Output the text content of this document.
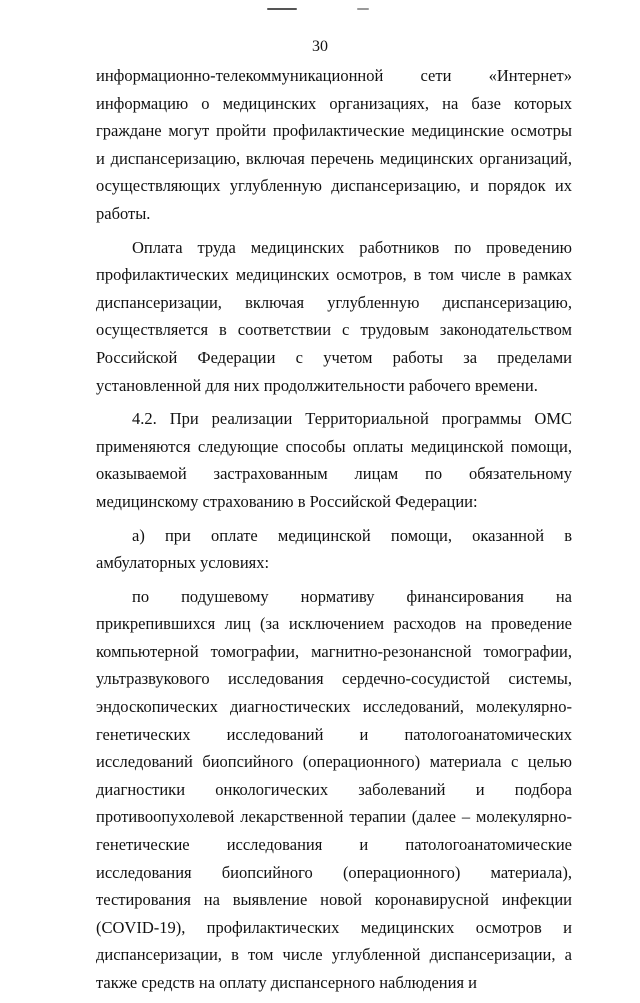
30

информационно-телекоммуникационной сети «Интернет» информацию о медицинских организациях, на базе которых граждане могут пройти профилактические медицинские осмотры и диспансеризацию, включая перечень медицинских организаций, осуществляющих углубленную диспансеризацию, и порядок их работы.

Оплата труда медицинских работников по проведению профилактических медицинских осмотров, в том числе в рамках диспансеризации, включая углубленную диспансеризацию, осуществляется в соответствии с трудовым законодательством Российской Федерации с учетом работы за пределами установленной для них продолжительности рабочего времени.

4.2. При реализации Территориальной программы ОМС применяются следующие способы оплаты медицинской помощи, оказываемой застрахованным лицам по обязательному медицинскому страхованию в Российской Федерации:

а) при оплате медицинской помощи, оказанной в амбулаторных условиях:

по подушевому нормативу финансирования на прикрепившихся лиц (за исключением расходов на проведение компьютерной томографии, магнитно-резонансной томографии, ультразвукового исследования сердечно-сосудистой системы, эндоскопических диагностических исследований, молекулярно-генетических исследований и патологоанатомических исследований биопсийного (операционного) материала с целью диагностики онкологических заболеваний и подбора противоопухолевой лекарственной терапии (далее – молекулярно-генетические исследования и патологоанатомические исследования биопсийного (операционного) материала), тестирования на выявление новой коронавирусной инфекции (COVID-19), профилактических медицинских осмотров и диспансеризации, в том числе углубленной диспансеризации, а также средств на оплату диспансерного наблюдения и
